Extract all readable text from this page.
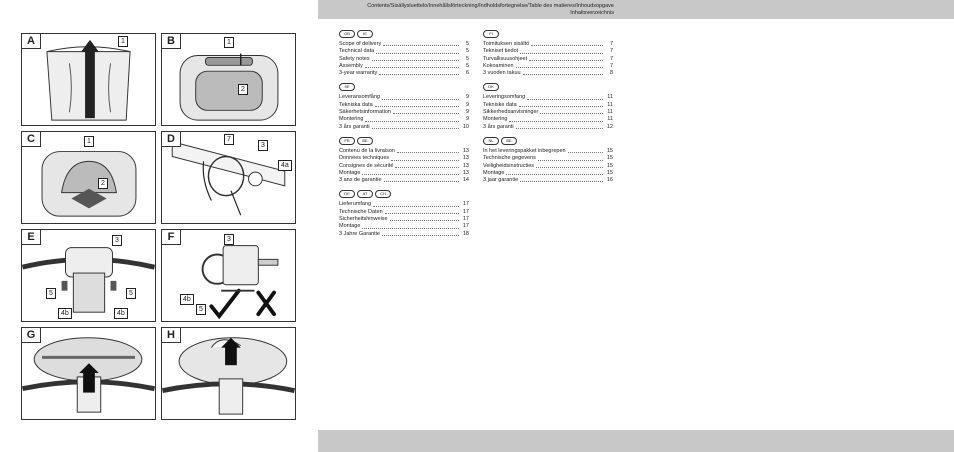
A	1	B	1
2
C	1
2
D	7
3
4a
E	3
5
4b
5
4b
F	3
4b
5
G	H
Contents/Sisällysluettelo/Innehållsförteckning/Indholdsfortegnelse/Table des matieres/Inhoudsopgave
Inhaltsverzeichnis
GB	IE
Scope of delivery	5
Technical data	5
Safety notes	5
Assembly	5
3-year warranty	6
SE
Leveransomfång	9
Tekniska data	9
Säkerhetsinformation	9
Montering	9
3 års garanti	10
FR	BE
Contenu de la livraison	13
Données techniques	13
Consignes de sécurité	13
Montage	13
3 ans de garantie	14
DE	AT	CH
Lieferumfang	17
Technische Daten	17
Sicherheitshinweise	17
Montage	17
3 Jahre Garantie	18
FI
Toimituksen sisältö	7
Tekniset tiedot	7
Turvallisuusohjeet	7
Kokoaminen	7
3 vuoden takuu	8
DK
Leveringsomfang	11
Tekniske data	11
Sikkerhedsanvisninger	11
Montering	11
3 års garanti	12
NL	BE
In het leveringspakket inbegrepen	15
Technische gegevens	15
Veiligheidsinstructies	15
Montage	15
3 jaar garantie	16
